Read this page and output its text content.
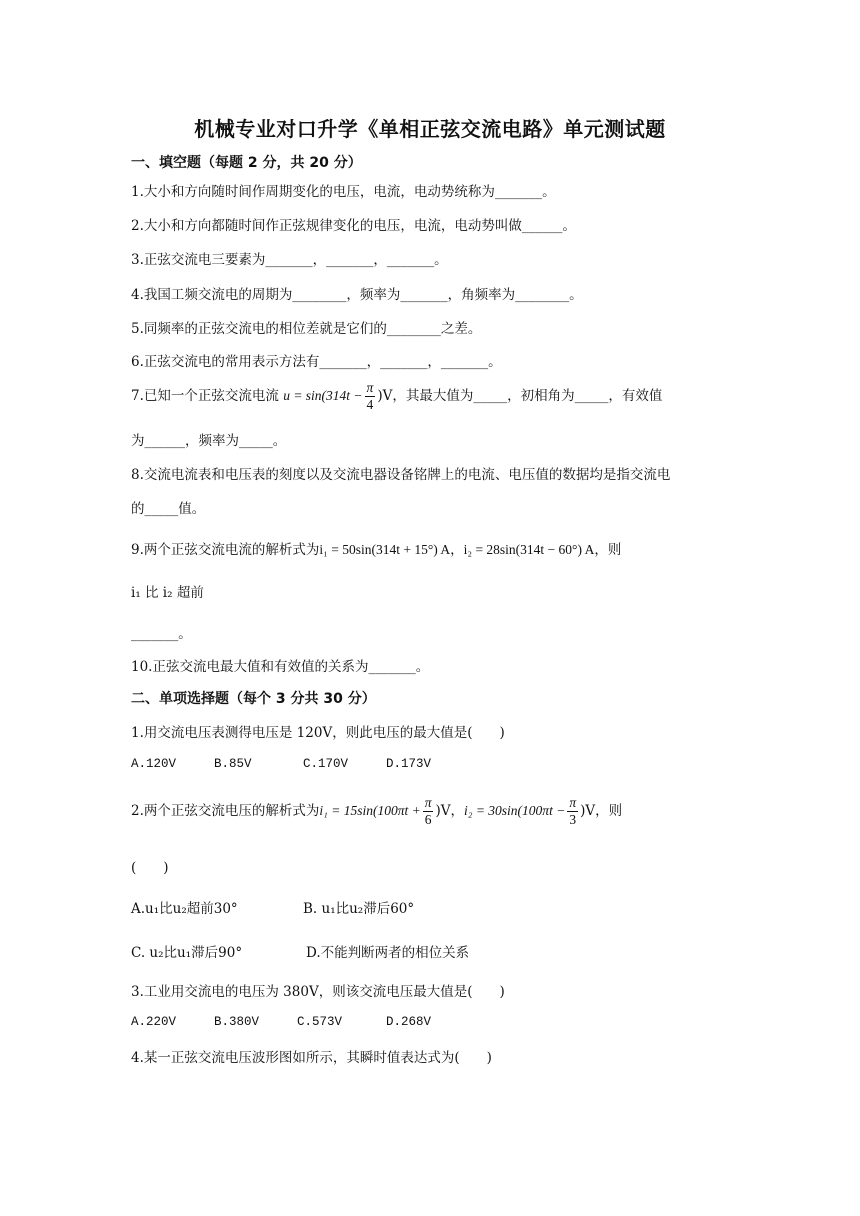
机械专业对口升学《单相正弦交流电路》单元测试题
一、填空题（每题 2 分，共 20 分）
1.大小和方向随时间作周期变化的电压，电流，电动势统称为_______。
2.大小和方向都随时间作正弦规律变化的电压，电流，电动势叫做______。
3.正弦交流电三要素为_______，_______，_______。
4.我国工频交流电的周期为________，频率为_______，角频率为________。
5.同频率的正弦交流电的相位差就是它们的________之差。
6.正弦交流电的常用表示方法有_______，_______，_______。
7.已知一个正弦交流电流 $u = \sin(314t - \frac{\pi}{4} )V$，其最大值为_____，初相角为_____，有效值
为______，频率为_____。
8.交流电流表和电压表的刻度以及交流电器设备铭牌上的电流、电压值的数据均是指交流电
的_____值。
9.两个正弦交流电流的解析式为i₁ = 50sin(314t + 15°) A，i₂ = 28sin(314t − 60°) A，则
i₁ 比 i₂ 超前
_______。
10.正弦交流电最大值和有效值的关系为_______。
二、单项选择题（每个 3 分共 30 分）
1.用交流电压表测得电压是 120V，则此电压的最大值是(　　)
A.120V	B.85V	C.170V	D.173V
2.两个正弦交流电压的解析式为$i_1 = 15\sin(100\pi t + \frac{\pi}{6} )V$，$i_2 = 30\sin(100\pi t - \frac{\pi}{3} )V$，则
(　　)
A.u₁比u₂超前30°	B. u₁比u₂滞后60°
C. u₂比u₁滞后90°	D.不能判断两者的相位关系
3.工业用交流电的电压为 380V，则该交流电压最大值是(　　)
A.220V	B.380V	C.573V	D.268V
4.某一正弦交流电压波形图如所示，其瞬时值表达式为(　　)
